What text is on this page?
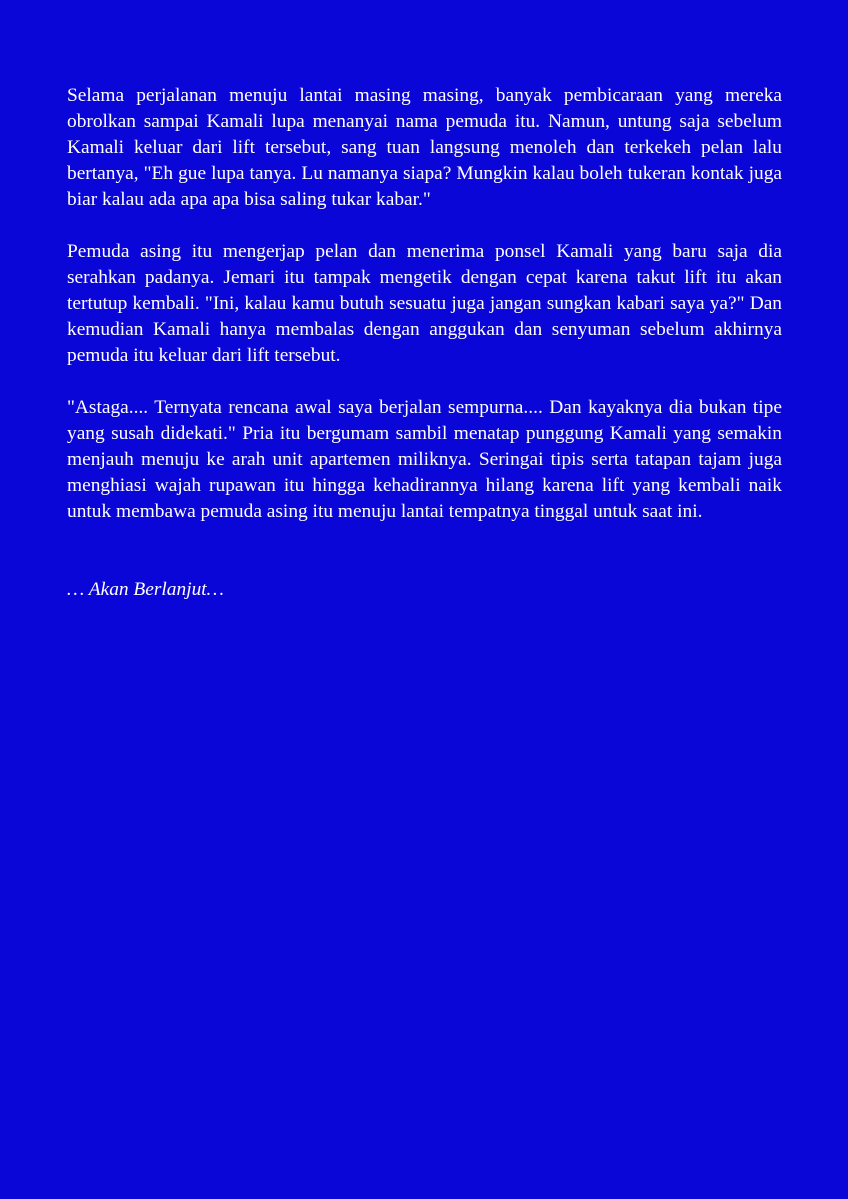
Selama perjalanan menuju lantai masing masing, banyak pembicaraan yang mereka obrolkan sampai Kamali lupa menanyai nama pemuda itu. Namun, untung saja sebelum Kamali keluar dari lift tersebut, sang tuan langsung menoleh dan terkekeh pelan lalu bertanya, "Eh gue lupa tanya. Lu namanya siapa? Mungkin kalau boleh tukeran kontak juga biar kalau ada apa apa bisa saling tukar kabar."

Pemuda asing itu mengerjap pelan dan menerima ponsel Kamali yang baru saja dia serahkan padanya. Jemari itu tampak mengetik dengan cepat karena takut lift itu akan tertutup kembali. "Ini, kalau kamu butuh sesuatu juga jangan sungkan kabari saya ya?" Dan kemudian Kamali hanya membalas dengan anggukan dan senyuman sebelum akhirnya pemuda itu keluar dari lift tersebut.

"Astaga.... Ternyata rencana awal saya berjalan sempurna.... Dan kayaknya dia bukan tipe yang susah didekati." Pria itu bergumam sambil menatap punggung Kamali yang semakin menjauh menuju ke arah unit apartemen miliknya. Seringai tipis serta tatapan tajam juga menghiasi wajah rupawan itu hingga kehadirannya hilang karena lift yang kembali naik untuk membawa pemuda asing itu menuju lantai tempatnya tinggal untuk saat ini.

… Akan Berlanjut…
